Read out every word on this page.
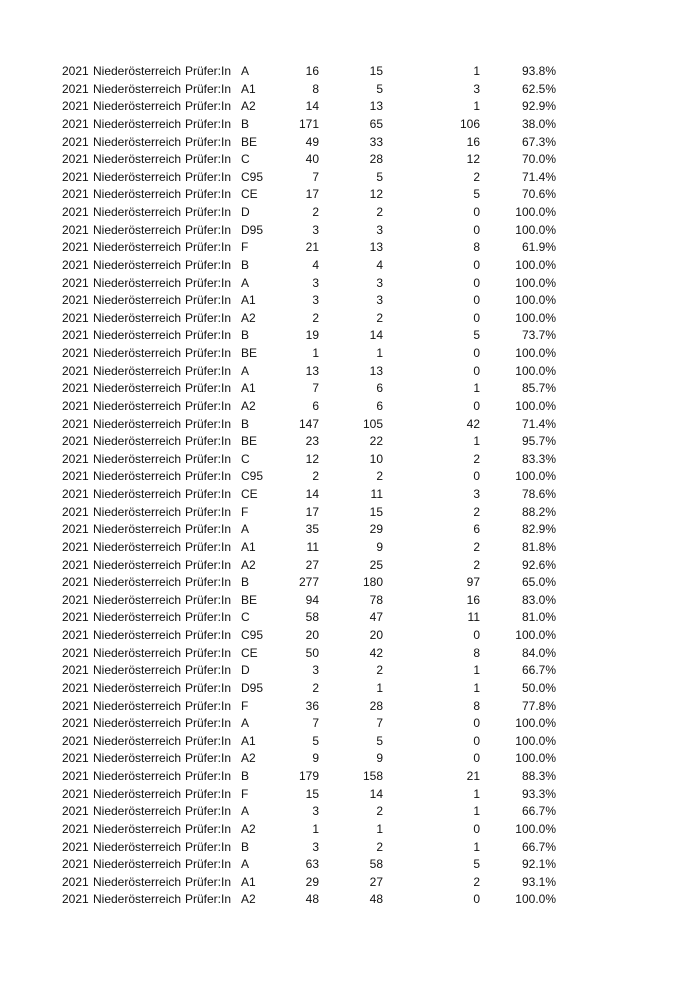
2021	Niederösterreich	Prüfer:In	A	16	15	1	93.8%
2021	Niederösterreich	Prüfer:In	A1	8	5	3	62.5%
2021	Niederösterreich	Prüfer:In	A2	14	13	1	92.9%
2021	Niederösterreich	Prüfer:In	B	171	65	106	38.0%
2021	Niederösterreich	Prüfer:In	BE	49	33	16	67.3%
2021	Niederösterreich	Prüfer:In	C	40	28	12	70.0%
2021	Niederösterreich	Prüfer:In	C95	7	5	2	71.4%
2021	Niederösterreich	Prüfer:In	CE	17	12	5	70.6%
2021	Niederösterreich	Prüfer:In	D	2	2	0	100.0%
2021	Niederösterreich	Prüfer:In	D95	3	3	0	100.0%
2021	Niederösterreich	Prüfer:In	F	21	13	8	61.9%
2021	Niederösterreich	Prüfer:In	B	4	4	0	100.0%
2021	Niederösterreich	Prüfer:In	A	3	3	0	100.0%
2021	Niederösterreich	Prüfer:In	A1	3	3	0	100.0%
2021	Niederösterreich	Prüfer:In	A2	2	2	0	100.0%
2021	Niederösterreich	Prüfer:In	B	19	14	5	73.7%
2021	Niederösterreich	Prüfer:In	BE	1	1	0	100.0%
2021	Niederösterreich	Prüfer:In	A	13	13	0	100.0%
2021	Niederösterreich	Prüfer:In	A1	7	6	1	85.7%
2021	Niederösterreich	Prüfer:In	A2	6	6	0	100.0%
2021	Niederösterreich	Prüfer:In	B	147	105	42	71.4%
2021	Niederösterreich	Prüfer:In	BE	23	22	1	95.7%
2021	Niederösterreich	Prüfer:In	C	12	10	2	83.3%
2021	Niederösterreich	Prüfer:In	C95	2	2	0	100.0%
2021	Niederösterreich	Prüfer:In	CE	14	11	3	78.6%
2021	Niederösterreich	Prüfer:In	F	17	15	2	88.2%
2021	Niederösterreich	Prüfer:In	A	35	29	6	82.9%
2021	Niederösterreich	Prüfer:In	A1	11	9	2	81.8%
2021	Niederösterreich	Prüfer:In	A2	27	25	2	92.6%
2021	Niederösterreich	Prüfer:In	B	277	180	97	65.0%
2021	Niederösterreich	Prüfer:In	BE	94	78	16	83.0%
2021	Niederösterreich	Prüfer:In	C	58	47	11	81.0%
2021	Niederösterreich	Prüfer:In	C95	20	20	0	100.0%
2021	Niederösterreich	Prüfer:In	CE	50	42	8	84.0%
2021	Niederösterreich	Prüfer:In	D	3	2	1	66.7%
2021	Niederösterreich	Prüfer:In	D95	2	1	1	50.0%
2021	Niederösterreich	Prüfer:In	F	36	28	8	77.8%
2021	Niederösterreich	Prüfer:In	A	7	7	0	100.0%
2021	Niederösterreich	Prüfer:In	A1	5	5	0	100.0%
2021	Niederösterreich	Prüfer:In	A2	9	9	0	100.0%
2021	Niederösterreich	Prüfer:In	B	179	158	21	88.3%
2021	Niederösterreich	Prüfer:In	F	15	14	1	93.3%
2021	Niederösterreich	Prüfer:In	A	3	2	1	66.7%
2021	Niederösterreich	Prüfer:In	A2	1	1	0	100.0%
2021	Niederösterreich	Prüfer:In	B	3	2	1	66.7%
2021	Niederösterreich	Prüfer:In	A	63	58	5	92.1%
2021	Niederösterreich	Prüfer:In	A1	29	27	2	93.1%
2021	Niederösterreich	Prüfer:In	A2	48	48	0	100.0%
